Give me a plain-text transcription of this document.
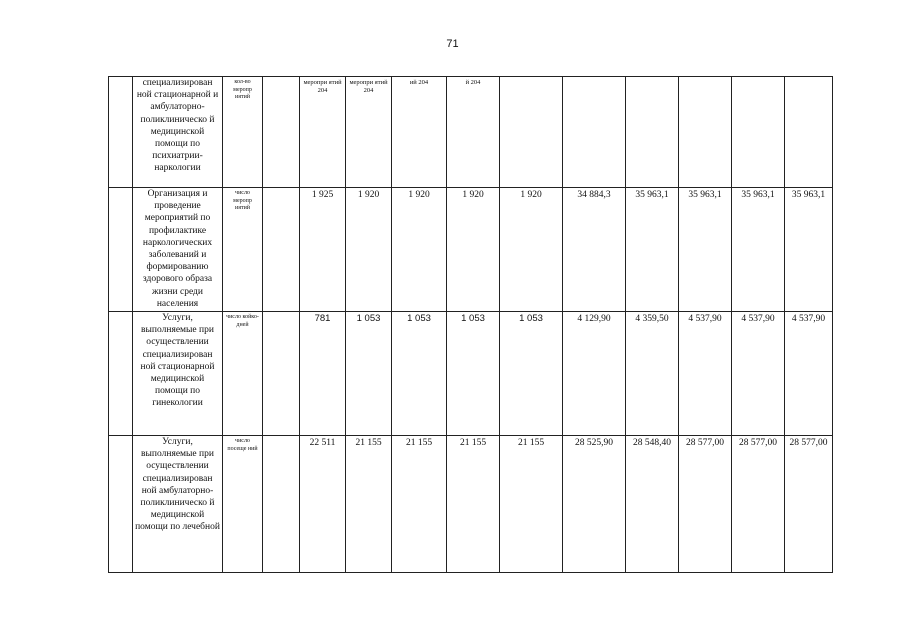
71
	специализирован ной стационарной и амбулаторно-поликлиническо й медицинской помощи по психиатрии-наркологии	кол-во меропр иятий		меропри ятий 204	меропри ятий 204	ий 204	й 204						
	Организация и проведение мероприятий по профилактике наркологических заболеваний и формированию здорового образа жизни среди населения	число меропр иятий		1 925	1 920	1 920	1 920	1 920	34 884,3	35 963,1	35 963,1	35 963,1	35 963,1
	Услуги, выполняемые при осуществлении специализирован ной стационарной медицинской помощи по гинекологии	число койко-дней		781	1 053	1 053	1 053	1 053	4 129,90	4 359,50	4 537,90	4 537,90	4 537,90
	Услуги, выполняемые при осуществлении специализирован ной амбулаторно-поликлиническо й медицинской помощи по лечебной	число посеще ний		22 511	21 155	21 155	21 155	21 155	28 525,90	28 548,40	28 577,00	28 577,00	28 577,00
